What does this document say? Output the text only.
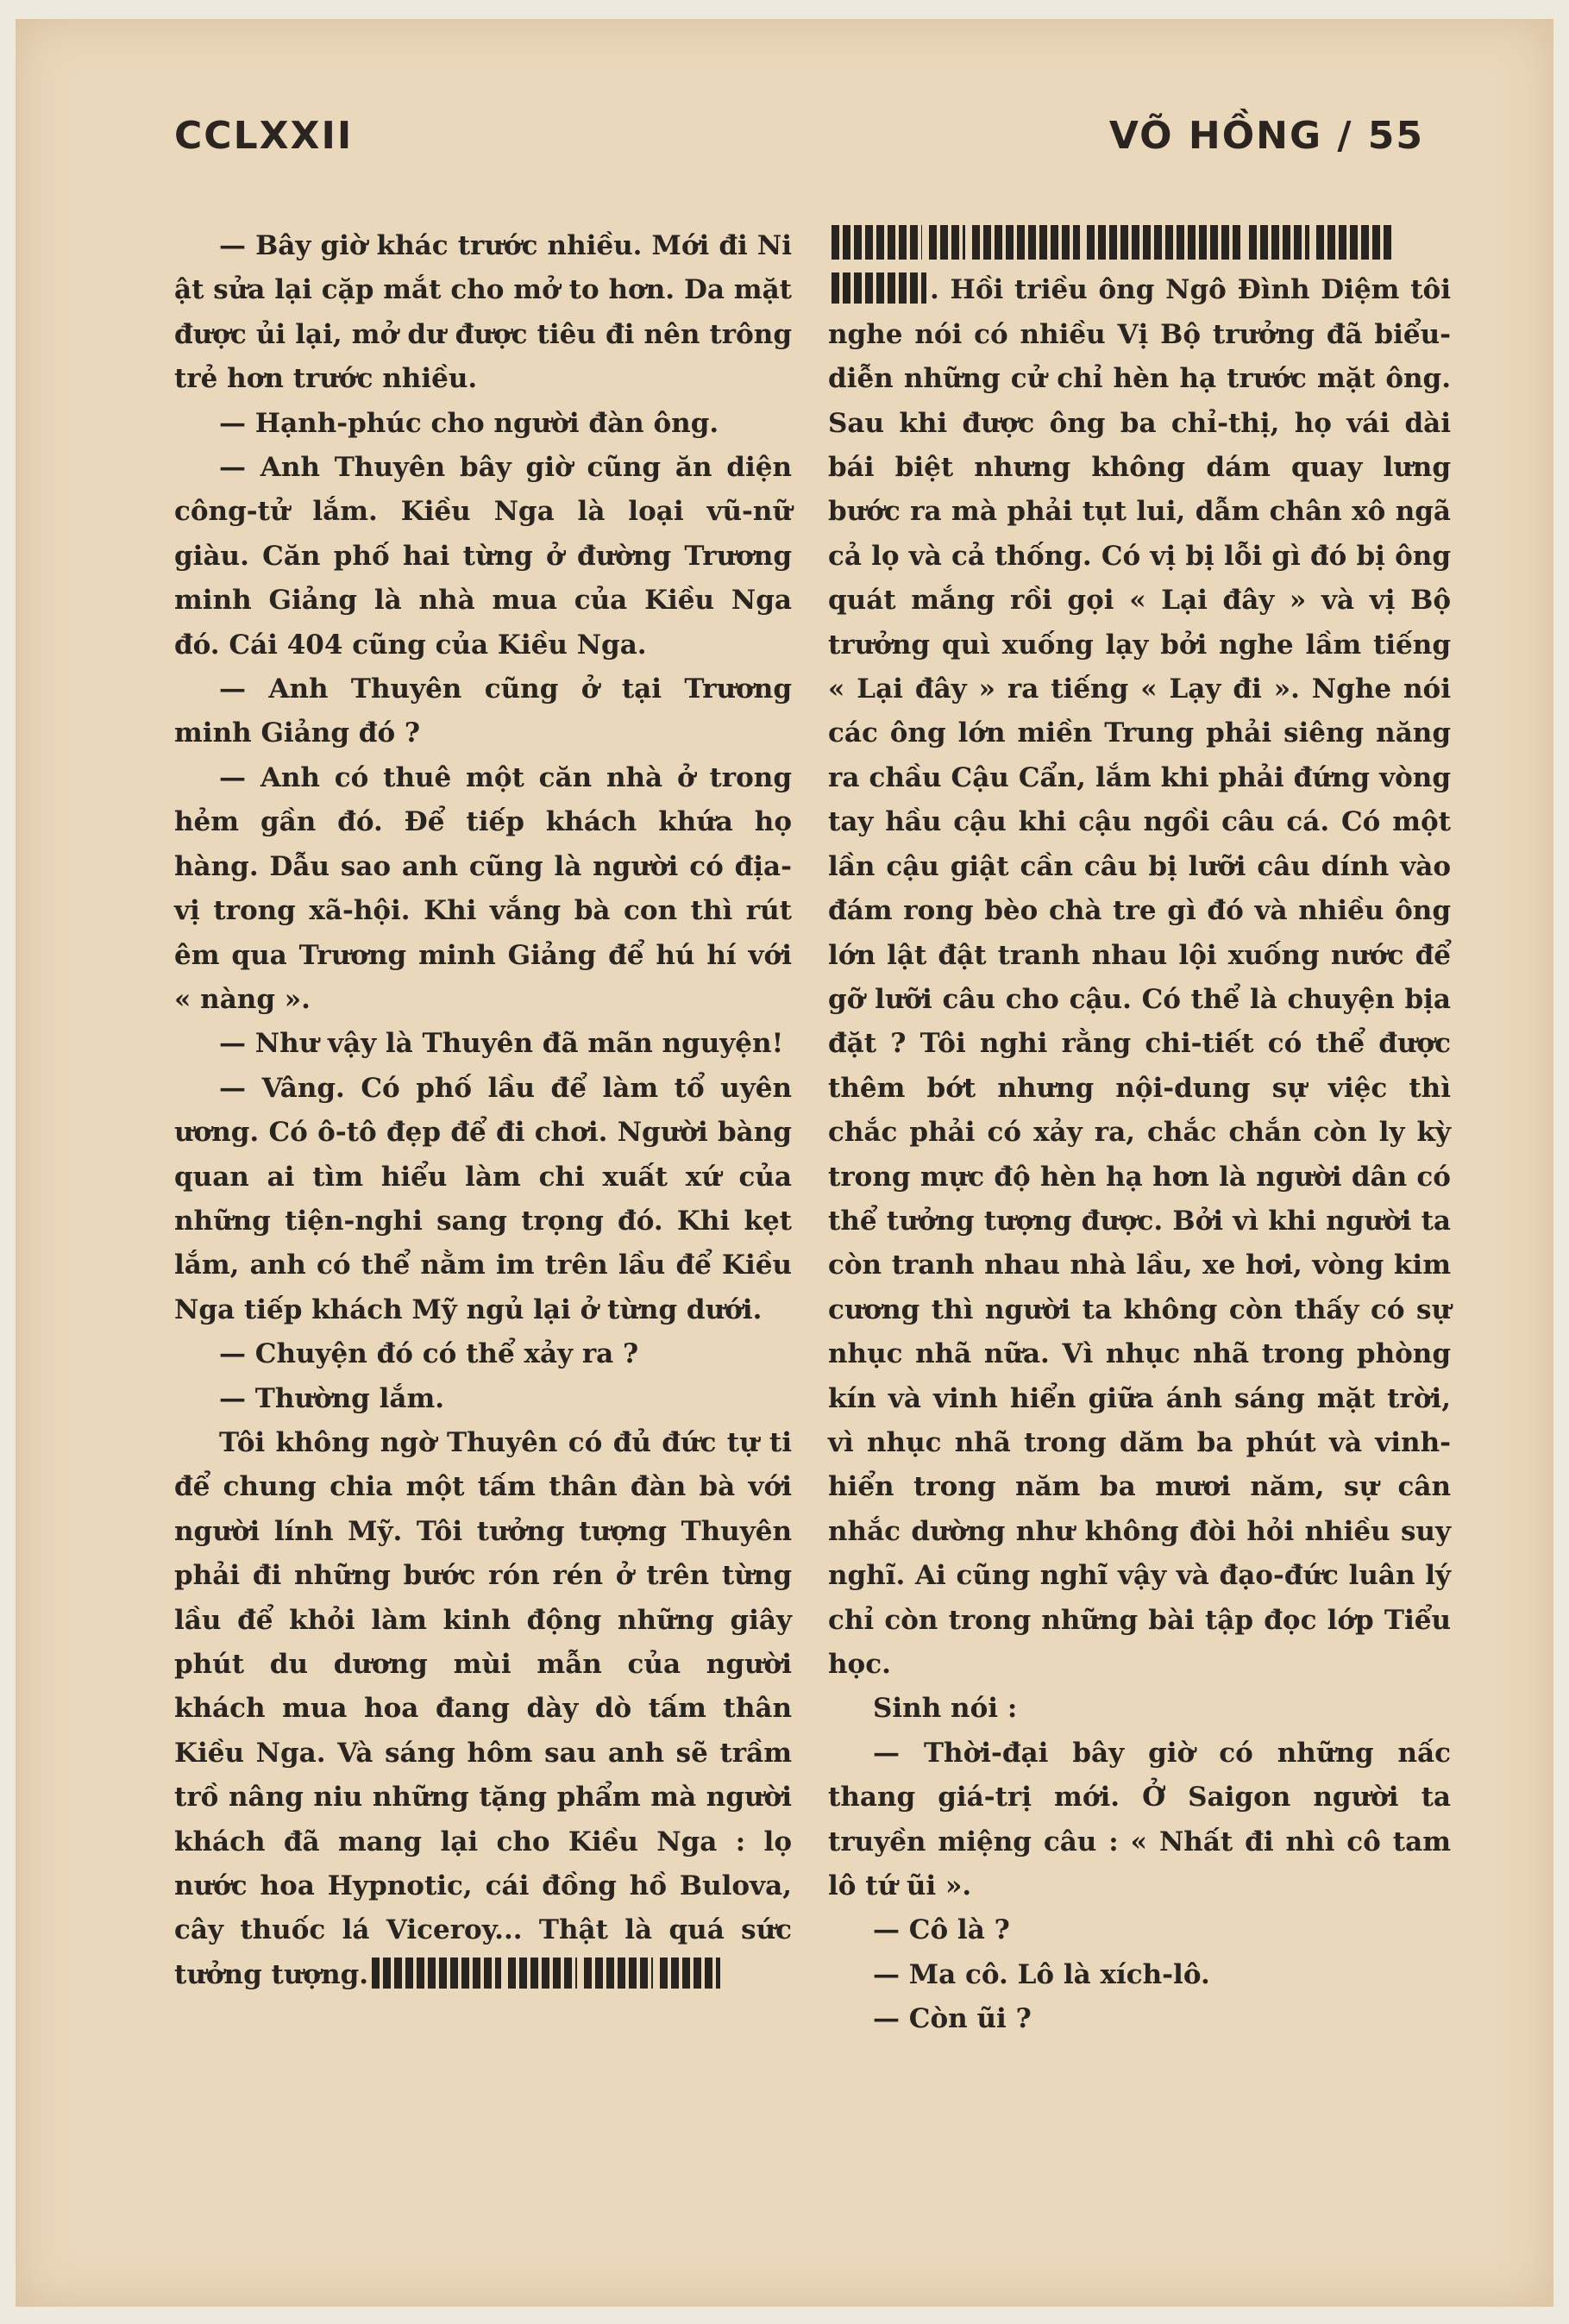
CCLXXII	VÕ HỒNG / 55

— Bây giờ khác trước nhiều. Mới đi Ni ật sửa lại cặp mắt cho mở to hơn. Da mặt được ủi lại, mở dư được tiêu đi nên trông trẻ hơn trước nhiều.

— Hạnh-phúc cho người đàn ông.

— Anh Thuyên bây giờ cũng ăn diện công-tử lắm. Kiều Nga là loại vũ-nữ giàu. Căn phố hai từng ở đường Trương minh Giảng là nhà mua của Kiều Nga đó. Cái 404 cũng của Kiều Nga.

— Anh Thuyên cũng ở tại Trương minh Giảng đó ?

— Anh có thuê một căn nhà ở trong hẻm gần đó. Để tiếp khách khứa họ hàng. Dẫu sao anh cũng là người có địa-vị trong xã-hội. Khi vắng bà con thì rút êm qua Trương minh Giảng để hú hí với « nàng ».

— Như vậy là Thuyên đã mãn nguyện!

— Vâng. Có phố lầu để làm tổ uyên ương. Có ô-tô đẹp để đi chơi. Người bàng quan ai tìm hiểu làm chi xuất xứ của những tiện-nghi sang trọng đó. Khi kẹt lắm, anh có thể nằm im trên lầu để Kiều Nga tiếp khách Mỹ ngủ lại ở từng dưới.

— Chuyện đó có thể xảy ra ?

— Thường lắm.

Tôi không ngờ Thuyên có đủ đức tự ti để chung chia một tấm thân đàn bà với người lính Mỹ. Tôi tưởng tượng Thuyên phải đi những bước rón rén ở trên từng lầu để khỏi làm kinh động những giây phút du dương mùi mẫn của người khách mua hoa đang dày dò tấm thân Kiều Nga. Và sáng hôm sau anh sẽ trầm trồ nâng niu những tặng phẩm mà người khách đã mang lại cho Kiều Nga : lọ nước hoa Hypnotic, cái đồng hồ Bulova, cây thuốc lá Viceroy... Thật là quá sức tưởng tượng.

. Hồi triều ông Ngô Đình Diệm tôi nghe nói có nhiều Vị Bộ trưởng đã biểu-diễn những cử chỉ hèn hạ trước mặt ông. Sau khi được ông ba chỉ-thị, họ vái dài bái biệt nhưng không dám quay lưng bước ra mà phải tụt lui, dẫm chân xô ngã cả lọ và cả thống. Có vị bị lỗi gì đó bị ông quát mắng rồi gọi « Lại đây » và vị Bộ trưởng quì xuống lạy bởi nghe lầm tiếng « Lại đây » ra tiếng « Lạy đi ». Nghe nói các ông lớn miền Trung phải siêng năng ra chầu Cậu Cẩn, lắm khi phải đứng vòng tay hầu cậu khi cậu ngồi câu cá. Có một lần cậu giật cần câu bị lưỡi câu dính vào đám rong bèo chà tre gì đó và nhiều ông lớn lật đật tranh nhau lội xuống nước để gỡ lưỡi câu cho cậu. Có thể là chuyện bịa đặt ? Tôi nghi rằng chi-tiết có thể được thêm bớt nhưng nội-dung sự việc thì chắc phải có xảy ra, chắc chắn còn ly kỳ trong mực độ hèn hạ hơn là người dân có thể tưởng tượng được. Bởi vì khi người ta còn tranh nhau nhà lầu, xe hơi, vòng kim cương thì người ta không còn thấy có sự nhục nhã nữa. Vì nhục nhã trong phòng kín và vinh hiển giữa ánh sáng mặt trời, vì nhục nhã trong dăm ba phút và vinh-hiển trong năm ba mươi năm, sự cân nhắc dường như không đòi hỏi nhiều suy nghĩ. Ai cũng nghĩ vậy và đạo-đức luân lý chỉ còn trong những bài tập đọc lớp Tiểu học.

Sinh nói :

— Thời-đại bây giờ có những nấc thang giá-trị mới. Ở Saigon người ta truyền miệng câu : « Nhất đi nhì cô tam lô tứ ũi ».

— Cô là ?

— Ma cô. Lô là xích-lô.

— Còn ũi ?
